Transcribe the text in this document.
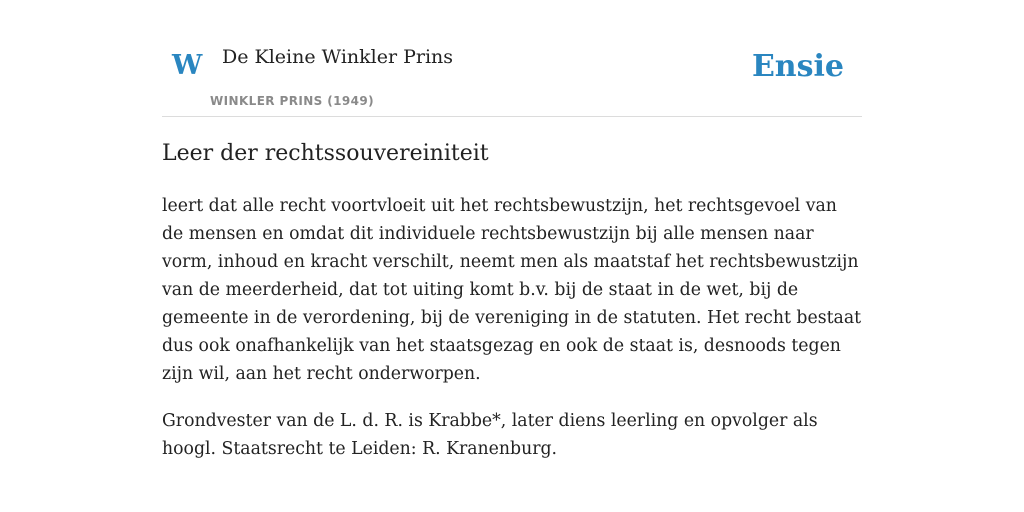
W De Kleine Winkler Prins
WINKLER PRINS (1949)
Ensie
Leer der rechtssouvereiniteit

leert dat alle recht voortvloeit uit het rechtsbewustzijn, het rechtsgevoel van de mensen en omdat dit individuele rechtsbewustzijn bij alle mensen naar vorm, inhoud en kracht verschilt, neemt men als maatstaf het rechtsbewustzijn van de meerderheid, dat tot uiting komt b.v. bij de staat in de wet, bij de gemeente in de verordening, bij de vereniging in de statuten. Het recht bestaat dus ook onafhankelijk van het staatsgezag en ook de staat is, desnoods tegen zijn wil, aan het recht onderworpen.

Grondvester van de L. d. R. is Krabbe*, later diens leerling en opvolger als hoogl. Staatsrecht te Leiden: R. Kranenburg.
